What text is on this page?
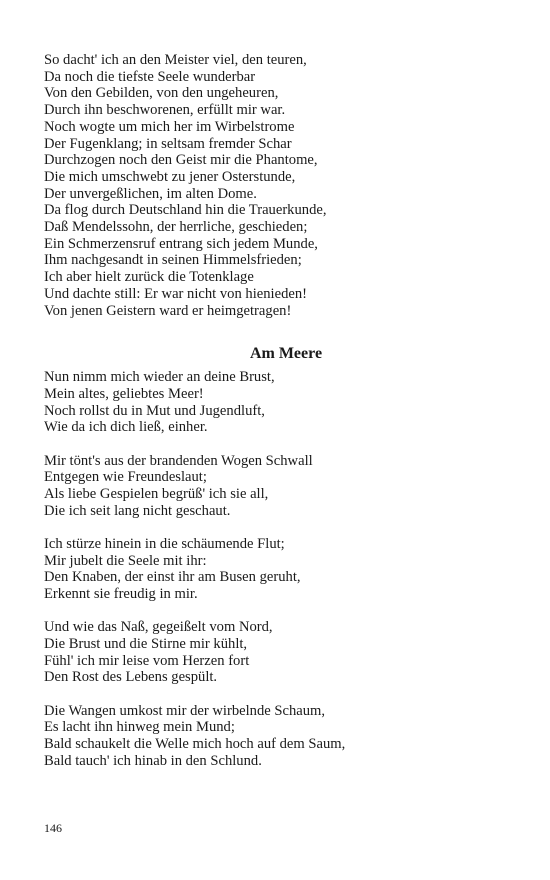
So dacht' ich an den Meister viel, den teuren,
Da noch die tiefste Seele wunderbar
Von den Gebilden, von den ungeheuren,
Durch ihn beschworenen, erfüllt mir war.
Noch wogte um mich her im Wirbelstrome
Der Fugenklang; in seltsam fremder Schar
Durchzogen noch den Geist mir die Phantome,
Die mich umschwebt zu jener Osterstunde,
Der unvergeßlichen, im alten Dome.
Da flog durch Deutschland hin die Trauerkunde,
Daß Mendelssohn, der herrliche, geschieden;
Ein Schmerzensruf entrang sich jedem Munde,
Ihm nachgesandt in seinen Himmelsfrieden;
Ich aber hielt zurück die Totenklage
Und dachte still: Er war nicht von hienieden!
Von jenen Geistern ward er heimgetragen!
Am Meere
Nun nimm mich wieder an deine Brust,
Mein altes, geliebtes Meer!
Noch rollst du in Mut und Jugendluft,
Wie da ich dich ließ, einher.
Mir tönt's aus der brandenden Wogen Schwall
Entgegen wie Freundeslaut;
Als liebe Gespielen begrüß' ich sie all,
Die ich seit lang nicht geschaut.
Ich stürze hinein in die schäumende Flut;
Mir jubelt die Seele mit ihr:
Den Knaben, der einst ihr am Busen geruht,
Erkennt sie freudig in mir.
Und wie das Naß, gegeißelt vom Nord,
Die Brust und die Stirne mir kühlt,
Fühl' ich mir leise vom Herzen fort
Den Rost des Lebens gespült.
Die Wangen umkost mir der wirbelnde Schaum,
Es lacht ihn hinweg mein Mund;
Bald schaukelt die Welle mich hoch auf dem Saum,
Bald tauch' ich hinab in den Schlund.
146
